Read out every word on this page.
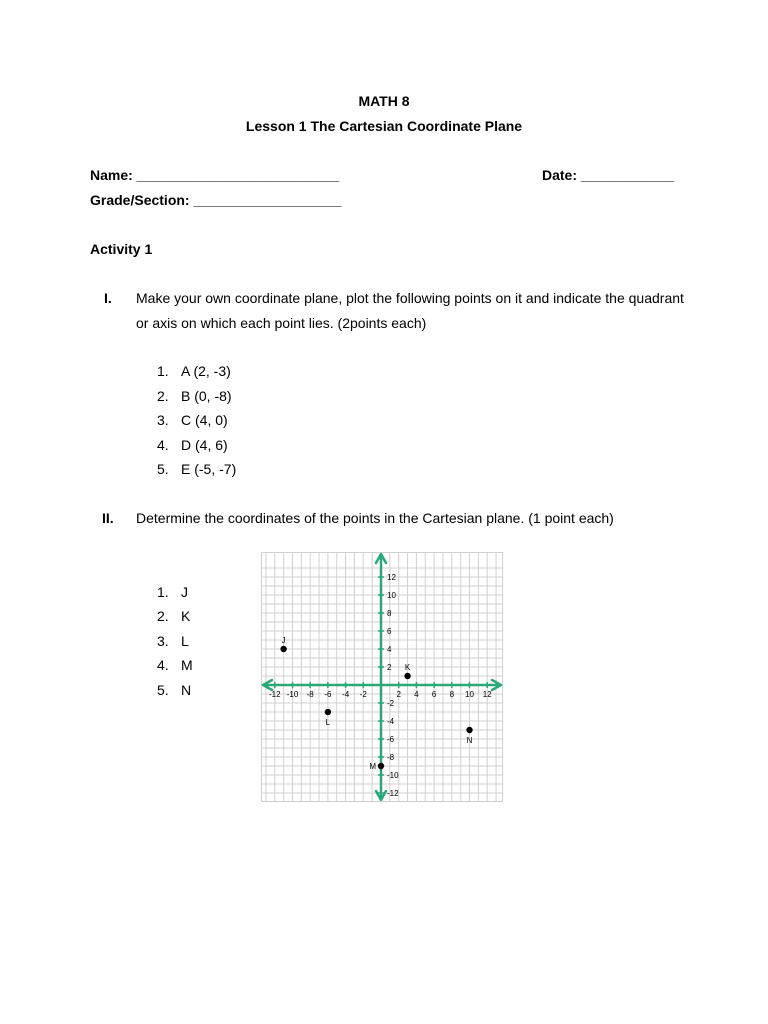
MATH 8
Lesson 1 The Cartesian Coordinate Plane
Name: __________________________	Date: ____________
Grade/Section: ___________________
Activity 1
I. Make your own coordinate plane, plot the following points on it and indicate the quadrant
or axis on which each point lies. (2points each)
1. A (2, -3)
2. B (0, -8)
3. C (4, 0)
4. D (4, 6)
5. E (-5, -7)
II. Determine the coordinates of the points in the Cartesian plane. (1 point each)
1. J
2. K
3. L
4. M
5. N	-12 -10 -8 -6 -4 -2	2 4 6 8 10 12
12
10
8
6
4
2
-2
-4
-6
-8
-10
-12
J
K
L
M
N
